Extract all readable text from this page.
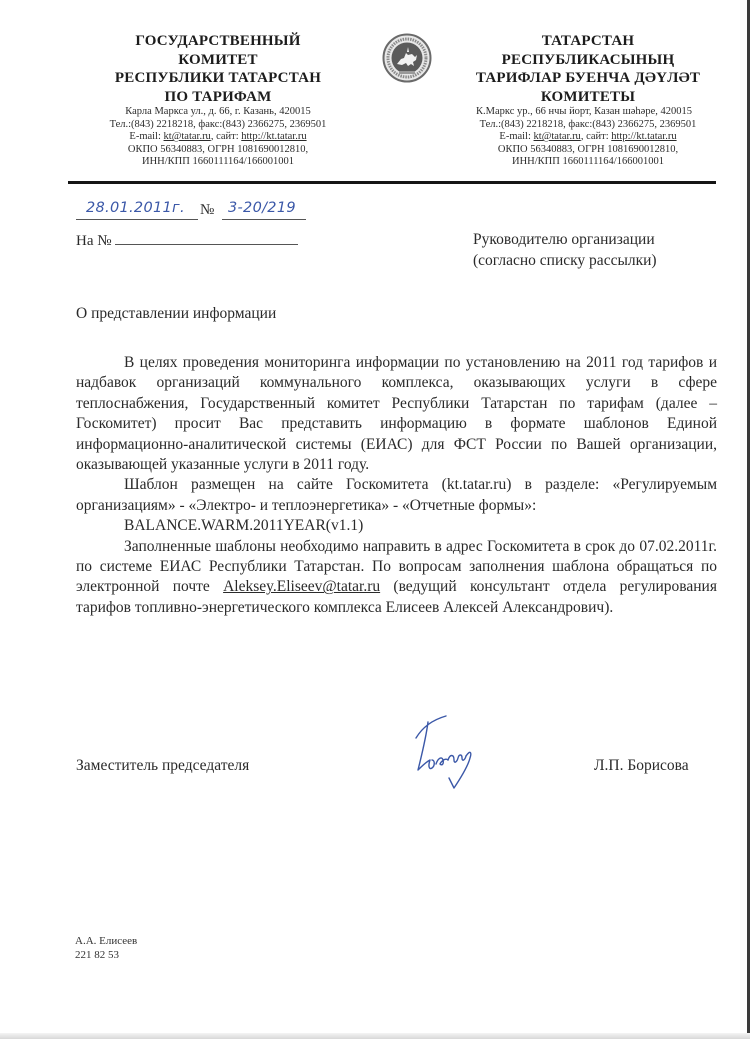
ГОСУДАРСТВЕННЫЙ
КОМИТЕТ
РЕСПУБЛИКИ ТАТАРСТАН
ПО ТАРИФАМ
Карла Маркса ул., д. 66, г. Казань, 420015
Тел.:(843) 2218218, факс:(843) 2366275, 2369501
E-mail: kt@tatar.ru, сайт: http://kt.tatar.ru
ОКПО 56340883, ОГРН 1081690012810,
ИНН/КПП 1660111164/166001001
ТАТАРСТАН
РЕСПУБЛИКАСЫНЫҢ
ТАРИФЛАР БУЕНЧА ДӘҮЛӘТ
КОМИТЕТЫ
К.Маркс ур., 66 нчы йорт, Казан шәһәре, 420015
Тел.:(843) 2218218, факс:(843) 2366275, 2369501
E-mail: kt@tatar.ru, сайт: http://kt.tatar.ru
ОКПО 56340883, ОГРН 1081690012810,
ИНН/КПП 1660111164/166001001
28.01.2011г. № 3-20/219
На №	Руководителю организации
(согласно списку рассылки)
О представлении информации

В целях проведения мониторинга информации по установлению на 2011 год тарифов и надбавок организаций коммунального комплекса, оказывающих услуги в сфере теплоснабжения, Государственный комитет Республики Татарстан по тарифам (далее – Госкомитет) просит Вас представить информацию в формате шаблонов Единой информационно-аналитической системы (ЕИАС) для ФСТ России по Вашей организации, оказывающей указанные услуги в 2011 году.

Шаблон размещен на сайте Госкомитета (kt.tatar.ru) в разделе: «Регулируемым организациям» - «Электро- и теплоэнергетика» - «Отчетные формы»:

BALANCE.WARM.2011YEAR(v1.1)

Заполненные шаблоны необходимо направить в адрес Госкомитета в срок до 07.02.2011г. по системе ЕИАС Республики Татарстан. По вопросам заполнения шаблона обращаться по электронной почте Aleksey.Eliseev@tatar.ru (ведущий консультант отдела регулирования тарифов топливно-энергетического комплекса Елисеев Алексей Александрович).

Заместитель председателя	Л.П. Борисова
А.А. Елисеев
221 82 53
